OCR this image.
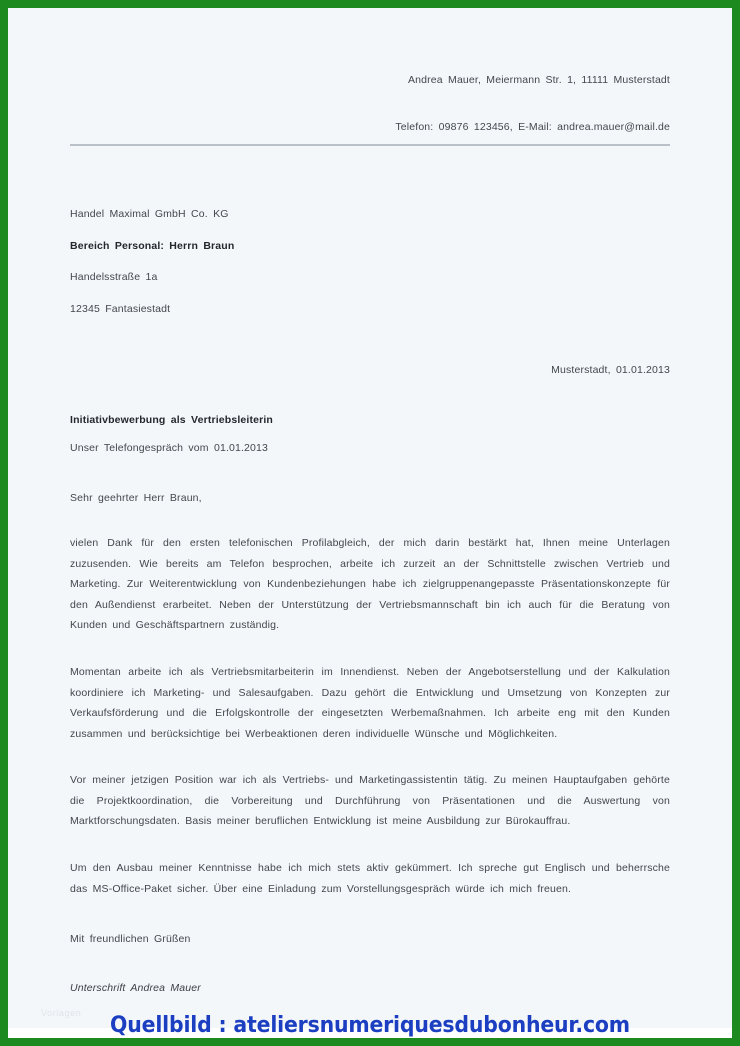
Andrea Mauer, Meiermann Str. 1, 11111 Musterstadt
Telefon: 09876 123456, E-Mail: andrea.mauer@mail.de
Handel Maximal GmbH Co. KG
Bereich Personal: Herrn Braun
Handelsstraße 1a
12345 Fantasiestadt
Musterstadt, 01.01.2013
Initiativbewerbung als Vertriebsleiterin
Unser Telefongespräch vom 01.01.2013
Sehr geehrter Herr Braun,

vielen Dank für den ersten telefonischen Profilabgleich, der mich darin bestärkt hat, Ihnen meine Unterlagen zuzusenden. Wie bereits am Telefon besprochen, arbeite ich zurzeit an der Schnittstelle zwischen Vertrieb und Marketing. Zur Weiterentwicklung von Kundenbeziehungen habe ich zielgruppenangepasste Präsentationskonzepte für den Außendienst erarbeitet. Neben der Unterstützung der Vertriebsmannschaft bin ich auch für die Beratung von Kunden und Geschäftspartnern zuständig.

Momentan arbeite ich als Vertriebsmitarbeiterin im Innendienst. Neben der Angebotserstellung und der Kalkulation koordiniere ich Marketing- und Salesaufgaben. Dazu gehört die Entwicklung und Umsetzung von Konzepten zur Verkaufsförderung und die Erfolgskontrolle der eingesetzten Werbemaßnahmen. Ich arbeite eng mit den Kunden zusammen und berücksichtige bei Werbeaktionen deren individuelle Wünsche und Möglichkeiten.

Vor meiner jetzigen Position war ich als Vertriebs- und Marketingassistentin tätig. Zu meinen Hauptaufgaben gehörte die Projektkoordination, die Vorbereitung und Durchführung von Präsentationen und die Auswertung von Marktforschungsdaten. Basis meiner beruflichen Entwicklung ist meine Ausbildung zur Bürokauffrau.

Um den Ausbau meiner Kenntnisse habe ich mich stets aktiv gekümmert. Ich spreche gut Englisch und beherrsche das MS-Office-Paket sicher. Über eine Einladung zum Vorstellungsgespräch würde ich mich freuen.

Mit freundlichen Grüßen
Unterschrift Andrea Mauer
Vorlagen	Quellbild : ateliersnumeriquesdubonheur.com
